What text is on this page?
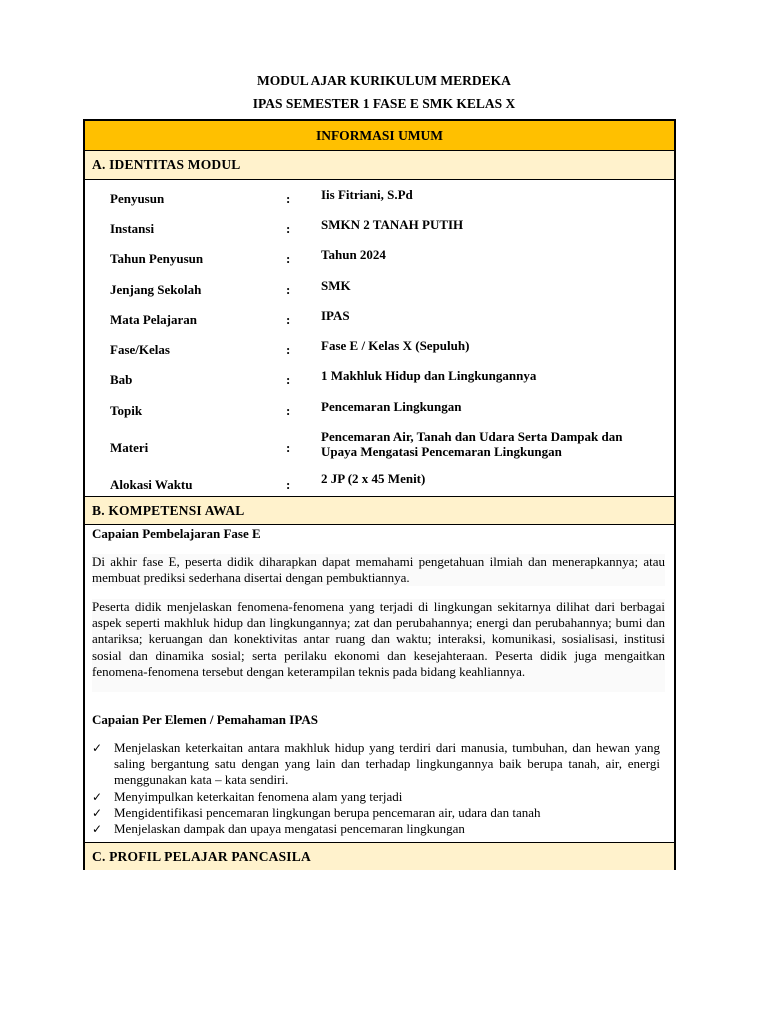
MODUL AJAR KURIKULUM MERDEKA
IPAS SEMESTER 1 FASE E SMK KELAS X
INFORMASI UMUM
A. IDENTITAS MODUL
Penyusun	: Iis Fitriani, S.Pd
Instansi	: SMKN 2 TANAH PUTIH
Tahun Penyusun	: Tahun 2024
Jenjang Sekolah	: SMK
Mata Pelajaran	: IPAS
Fase/Kelas	: Fase E / Kelas X (Sepuluh)
Bab	: 1 Makhluk Hidup dan Lingkungannya
Topik	: Pencemaran Lingkungan
Materi	:
Pencemaran Air, Tanah dan Udara Serta Dampak dan Upaya Mengatasi Pencemaran Lingkungan
Alokasi Waktu	: 2 JP (2 x 45 Menit)
B. KOMPETENSI AWAL
Capaian Pembelajaran Fase E
Di akhir fase E, peserta didik diharapkan dapat memahami pengetahuan ilmiah dan menerapkannya; atau membuat prediksi sederhana disertai dengan pembuktiannya.
Peserta didik menjelaskan fenomena-fenomena yang terjadi di lingkungan sekitarnya dilihat dari berbagai aspek seperti makhluk hidup dan lingkungannya; zat dan perubahannya; energi dan perubahannya; bumi dan antariksa; keruangan dan konektivitas antar ruang dan waktu; interaksi, komunikasi, sosialisasi, institusi sosial dan dinamika sosial; serta perilaku ekonomi dan kesejahteraan. Peserta didik juga mengaitkan fenomena-fenomena tersebut dengan keterampilan teknis pada bidang keahliannya.
Capaian Per Elemen / Pemahaman IPAS
✓ Menjelaskan keterkaitan antara makhluk hidup yang terdiri dari manusia, tumbuhan, dan hewan yang saling bergantung satu dengan yang lain dan terhadap lingkungannya baik berupa tanah, air, energi menggunakan kata – kata sendiri.
✓ Menyimpulkan keterkaitan fenomena alam yang terjadi
✓ Mengidentifikasi pencemaran lingkungan berupa pencemaran air, udara dan tanah
✓ Menjelaskan dampak dan upaya mengatasi pencemaran lingkungan
C. PROFIL PELAJAR PANCASILA
